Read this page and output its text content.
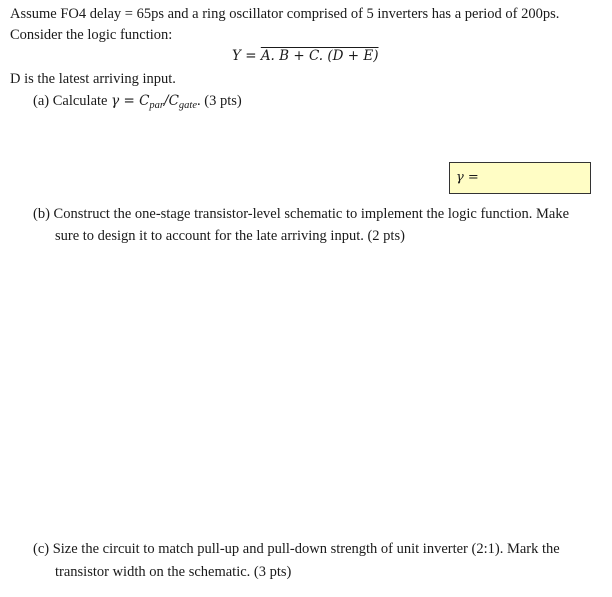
Assume FO4 delay = 65ps and a ring oscillator comprised of 5 inverters has a period of 200ps.
Consider the logic function:
Y = A. B + C. (D + E)
D is the latest arriving input.
(a) Calculate $\gamma = C_{par}/C_{gate}$. (3 pts)
γ =
(b) Construct the one-stage transistor-level schematic to implement the logic function. Make
sure to design it to account for the late arriving input. (2 pts)
(c) Size the circuit to match pull-up and pull-down strength of unit inverter (2:1). Mark the
transistor width on the schematic. (3 pts)
